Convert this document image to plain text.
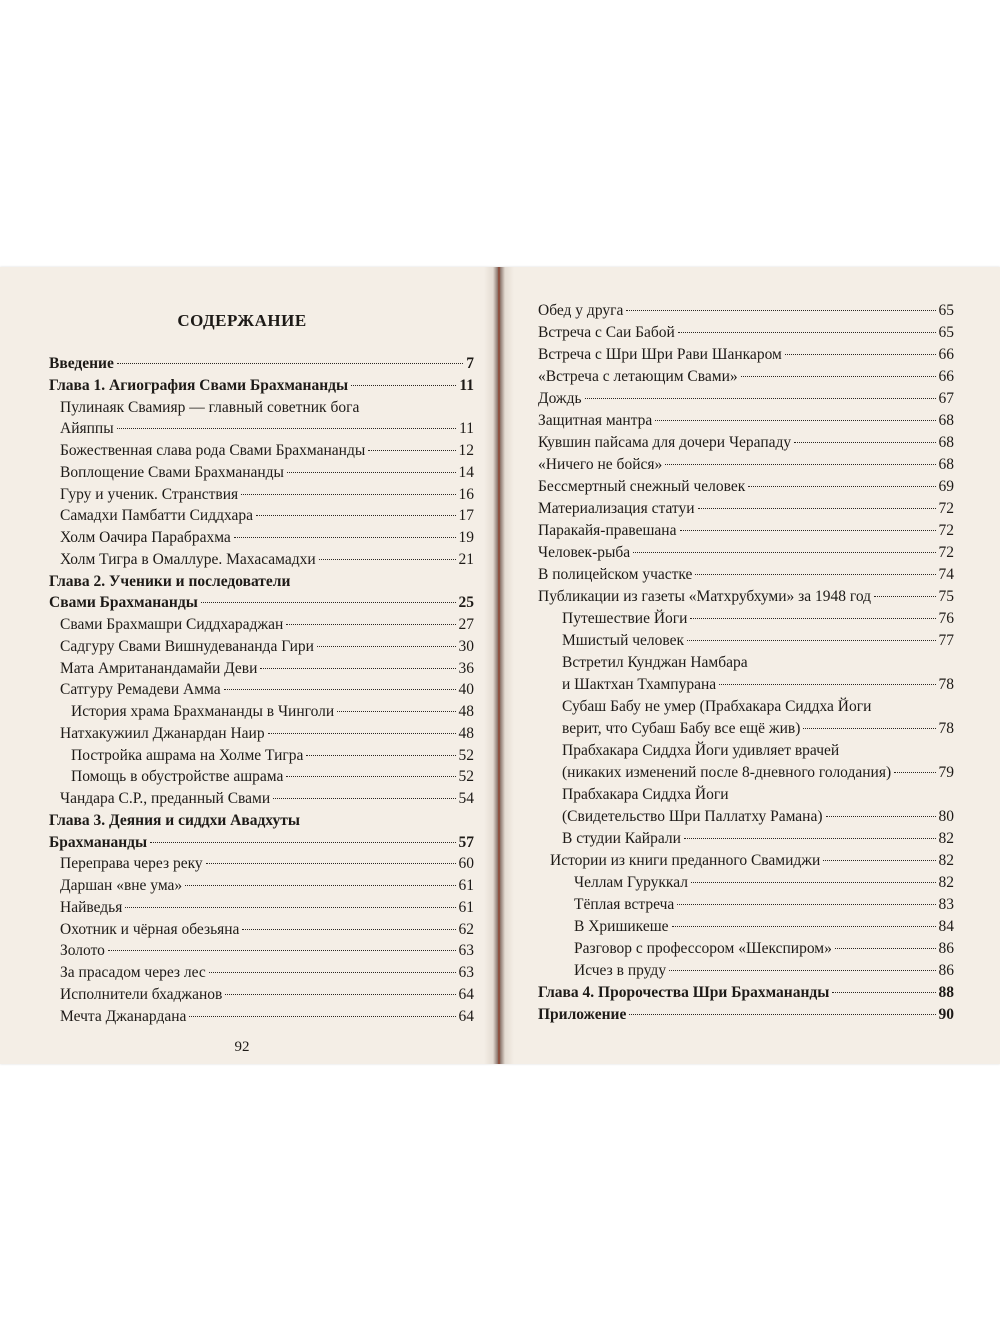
СОДЕРЖАНИЕ
Введение	7
Глава 1. Агиография Свами Брахмананды	11
Пулинаяк Свамияр — главный советник бога
Айяппы	11
Божественная слава рода Свами Брахмананды	12
Воплощение Свами Брахмананды	14
Гуру и ученик. Странствия	16
Самадхи Памбатти Сиддхара	17
Холм Оачира Парабрахма	19
Холм Тигра в Омаллуре. Махасамадхи	21
Глава 2. Ученики и последователи
Свами Брахмананды	25
Свами Брахмашри Сиддхараджан	27
Садгуру Свами Вишнудевананда Гири	30
Мата Амританандамайи Деви	36
Сатгуру Ремадеви Амма	40
История храма Брахмананды в Чинголи	48
Натхакужиил Джанардан Наир	48
Постройка ашрама на Холме Тигра	52
Помощь в обустройстве ашрама	52
Чандара С.Р., преданный Свами	54
Глава 3. Деяния и сиддхи Авадхуты
Брахмананды	57
Переправа через реку	60
Даршан «вне ума»	61
Найведья	61
Охотник и чёрная обезьяна	62
Золото	63
За прасадом через лес	63
Исполнители бхаджанов	64
Мечта Джанардана	64
92
Обед у друга	65
Встреча с Саи Бабой	65
Встреча с Шри Шри Рави Шанкаром	66
«Встреча с летающим Свами»	66
Дождь	67
Защитная мантра	68
Кувшин пайсама для дочери Черападу	68
«Ничего не бойся»	68
Бессмертный снежный человек	69
Материализация статуи	72
Паракайя-правешана	72
Человек-рыба	72
В полицейском участке	74
Публикации из газеты «Матхрубхуми» за 1948 год	75
Путешествие Йоги	76
Мшистый человек	77
Встретил Кунджан Намбара
и Шактхан Тхампурана	78
Субаш Бабу не умер (Прабхакара Сиддха Йоги
верит, что Субаш Бабу все ещё жив)	78
Прабхакара Сиддха Йоги удивляет врачей
(никаких изменений после 8-дневного голодания)	79
Прабхакара Сиддха Йоги
(Свидетельство Шри Паллатху Рамана)	80
В студии Кайрали	82
Истории из книги преданного Свамиджи	82
Челлам Гуруккал	82
Тёплая встреча	83
В Хришикеше	84
Разговор с профессором «Шекспиром»	86
Исчез в пруду	86
Глава 4. Пророчества Шри Брахмананды	88
Приложение	90
